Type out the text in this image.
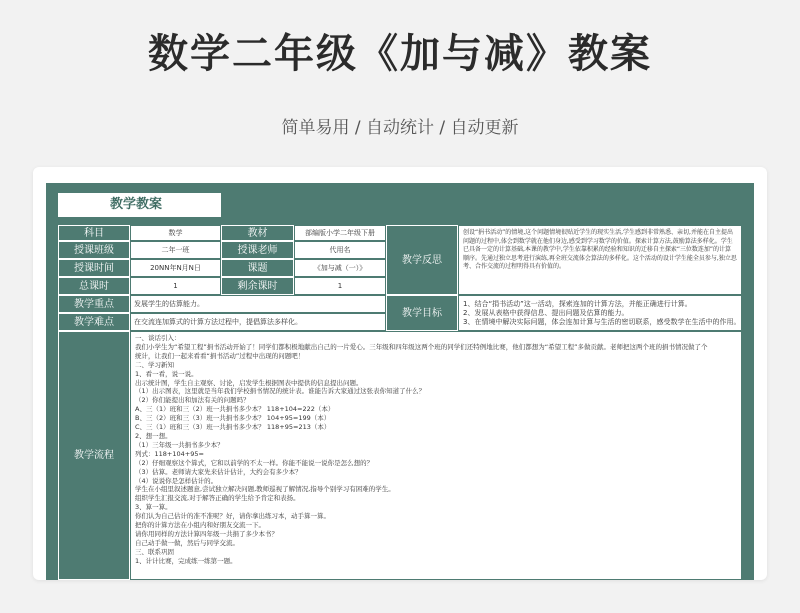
数学二年级《加与减》教案
简单易用 / 自动统计 / 自动更新
教学教案
科目	数学	教材	部编版小学二年级下册
授课班级	二年一班	授课老师	代用名
授课时间	20NN年N月N日	课题	《加与减（一）》
总课时	1	剩余课时	1
教学反思
创设“捐书活动”的情境,这个问题情境很贴近学生的现实生活,学生感到非常熟悉、亲切,并能在自主提出问题的过程中,体会到数学就在他们身边,感受到学习数学的价值。探索计算方法,鼓励算法多样化。学生已具备一定的计算基础,本课的教学中,学生依靠积累的经验和知识的迁移自主探索“三位数连加”的计算顺序。先通过独立思考进行演练,再全班交流体会算法的多样化。这个活动的设计学生能全员参与,独立思考、合作交流的过程明得具有价值的。
教学重点	发展学生的估算能力。
教学难点	在交流连加算式的计算方法过程中，提倡算法多样化。
教学目标
1、结合“捐书活动”这一活动，探索连加的计算方法，并能正确进行计算。
2、发展从表格中获得信息、提出问题及估算的能力。
3、在情境中解决实际问题，体会连加计算与生活的密切联系，感受数学在生活中的作用。
教学流程
一、谈话引入：
我们小学生为“希望工程”捐书活动开始了！同学们都积极地献出自己的一片爱心。三年级和四年级这两个班的同学们还特例地比赛，他们都想为“希望工程”多做贡献。老师把这两个班的捐书情况做了个
统计，让我们一起来看看“捐书活动”过程中出现的问题吧！
二、学习新知
1、看一看，说一说。
出示统计图，学生自主观察、讨论，启发学生根据图表中提供的信息提出问题。
（1）出示图表，这里就是当年我们学校捐书情况的统计表。谁能告诉大家通过这张表你知道了什么？
（2）你们能提出和加法有关的问题吗？
A、三（1）班和三（2）班一共捐书多少本？ 118+104=222（本）
B、三（2）班和三（3）班一共捐书多少本？ 104+95=199（本）
C、三（1）班和三（3）班一共捐书多少本？ 118+95=213（本）
2、想一想。
（1）三年级一共捐书多少本？
列式：118+104+95=
（2）仔细观察这个算式，它和以前学的不太一样。你能不能说一说你是怎么想的？
（3）估算。老师请大家先来估计估计，大约会有多少本？
（4）说说你是怎样估计的。
学生在小组里叙述题意,尝试独立解决问题,教师巡视了解情况,指导个别学习有困难的学生。
组织学生汇报交流,对于解答正确的学生给予肯定和表扬。
3、算一算。
你们认为自己估计的准不准呢？好，请你拿出练习本，动手算一算。
把你的计算方法在小组内和好朋友交流一下。
请你用同样的方法计算四年级一共捐了多少本书？
自己动手做一做，然后与同学交流。
三、联系巩固
1、计计比赛，完成练一练第一题。
